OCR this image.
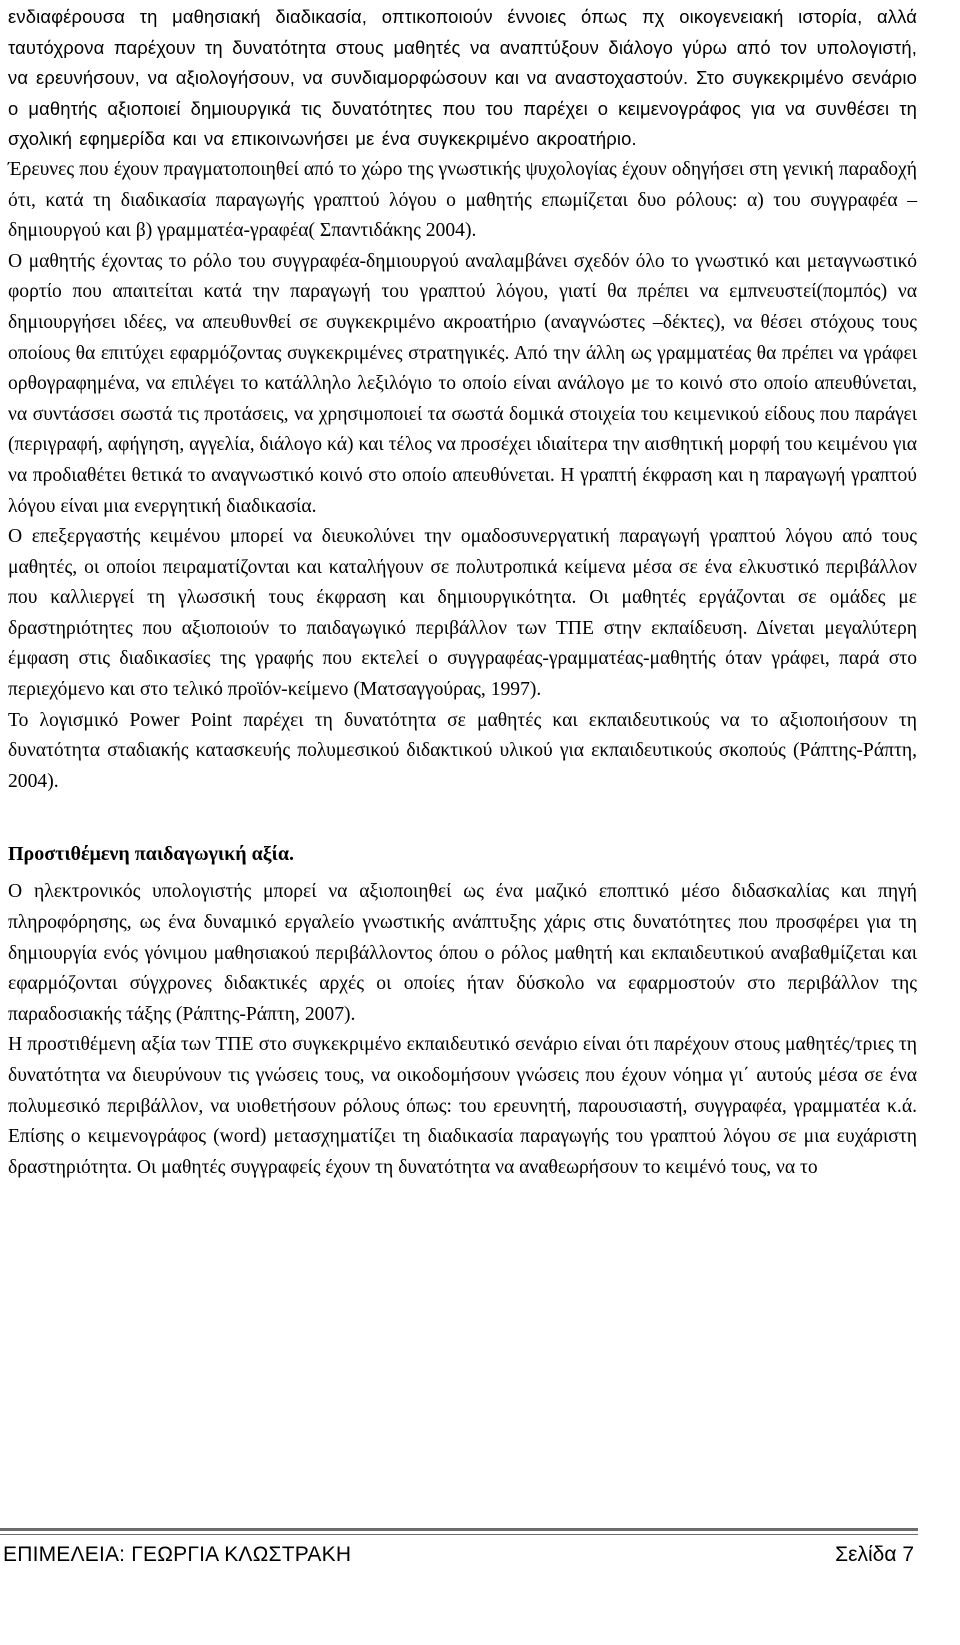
ενδιαφέρουσα τη μαθησιακή διαδικασία, οπτικοποιούν έννοιες όπως πχ οικογενειακή ιστορία, αλλά ταυτόχρονα παρέχουν τη δυνατότητα στους μαθητές να αναπτύξουν διάλογο γύρω από τον υπολογιστή, να ερευνήσουν, να αξιολογήσουν, να συνδιαμορφώσουν και να αναστοχαστούν. Στο συγκεκριμένο σενάριο ο μαθητής αξιοποιεί δημιουργικά τις δυνατότητες που του παρέχει ο κειμενογράφος για να συνθέσει τη σχολική εφημερίδα και να επικοινωνήσει με ένα συγκεκριμένο ακροατήριο.

Έρευνες που έχουν πραγματοποιηθεί από το χώρο της γνωστικής ψυχολογίας έχουν οδηγήσει στη γενική παραδοχή ότι, κατά τη διαδικασία παραγωγής γραπτού λόγου ο μαθητής επωμίζεται δυο ρόλους: α) του συγγραφέα – δημιουργού και β) γραμματέα-γραφέα( Σπαντιδάκης 2004).

Ο μαθητής έχοντας το ρόλο του συγγραφέα-δημιουργού αναλαμβάνει σχεδόν όλο το γνωστικό και μεταγνωστικό φορτίο που απαιτείται κατά την παραγωγή του γραπτού λόγου, γιατί θα πρέπει να εμπνευστεί(πομπός) να δημιουργήσει ιδέες, να απευθυνθεί σε συγκεκριμένο ακροατήριο (αναγνώστες –δέκτες), να θέσει στόχους τους οποίους θα επιτύχει εφαρμόζοντας συγκεκριμένες στρατηγικές. Από την άλλη ως γραμματέας θα πρέπει να γράφει ορθογραφημένα, να επιλέγει το κατάλληλο λεξιλόγιο το οποίο είναι ανάλογο με το κοινό στο οποίο απευθύνεται, να συντάσσει σωστά τις προτάσεις, να χρησιμοποιεί τα σωστά δομικά στοιχεία του κειμενικού είδους που παράγει (περιγραφή, αφήγηση, αγγελία, διάλογο κά) και τέλος να προσέχει ιδιαίτερα την αισθητική μορφή του κειμένου για να προδιαθέτει θετικά το αναγνωστικό κοινό στο οποίο απευθύνεται. Η γραπτή έκφραση και η παραγωγή γραπτού λόγου είναι μια ενεργητική διαδικασία.

Ο επεξεργαστής κειμένου μπορεί να διευκολύνει την ομαδοσυνεργατική παραγωγή γραπτού λόγου από τους μαθητές, οι οποίοι πειραματίζονται και καταλήγουν σε πολυτροπικά κείμενα μέσα σε ένα ελκυστικό περιβάλλον που καλλιεργεί τη γλωσσική τους έκφραση και δημιουργικότητα. Οι μαθητές εργάζονται σε ομάδες με δραστηριότητες που αξιοποιούν το παιδαγωγικό περιβάλλον των ΤΠΕ στην εκπαίδευση. Δίνεται μεγαλύτερη έμφαση στις διαδικασίες της γραφής που εκτελεί ο συγγραφέας-γραμματέας-μαθητής όταν γράφει, παρά στο περιεχόμενο και στο τελικό προϊόν-κείμενο (Ματσαγγούρας, 1997).

Το λογισμικό Power Point παρέχει τη δυνατότητα σε μαθητές και εκπαιδευτικούς να το αξιοποιήσουν τη δυνατότητα σταδιακής κατασκευής πολυμεσικού διδακτικού υλικού για εκπαιδευτικούς σκοπούς (Ράπτης-Ράπτη, 2004).

Προστιθέμενη παιδαγωγική αξία.

Ο ηλεκτρονικός υπολογιστής μπορεί να αξιοποιηθεί ως ένα μαζικό εποπτικό μέσο διδασκαλίας και πηγή πληροφόρησης, ως ένα δυναμικό εργαλείο γνωστικής ανάπτυξης χάρις στις δυνατότητες που προσφέρει για τη δημιουργία ενός γόνιμου μαθησιακού περιβάλλοντος όπου ο ρόλος μαθητή και εκπαιδευτικού αναβαθμίζεται και εφαρμόζονται σύγχρονες διδακτικές αρχές οι οποίες ήταν δύσκολο να εφαρμοστούν στο περιβάλλον της παραδοσιακής τάξης (Ράπτης-Ράπτη, 2007).

Η προστιθέμενη αξία των ΤΠΕ στο συγκεκριμένο εκπαιδευτικό σενάριο είναι ότι παρέχουν στους μαθητές/τριες τη δυνατότητα να διευρύνουν τις γνώσεις τους, να οικοδομήσουν γνώσεις που έχουν νόημα γι΄ αυτούς μέσα σε ένα πολυμεσικό περιβάλλον, να υιοθετήσουν ρόλους όπως: του ερευνητή, παρουσιαστή, συγγραφέα, γραμματέα κ.ά. Επίσης ο κειμενογράφος (word) μετασχηματίζει τη διαδικασία παραγωγής του γραπτού λόγου σε μια ευχάριστη δραστηριότητα. Οι μαθητές συγγραφείς έχουν τη δυνατότητα να αναθεωρήσουν το κειμένό τους, να το

ΕΠΙΜΕΛΕΙΑ: ΓΕΩΡΓΙΑ ΚΛΩΣΤΡΑΚΗ	Σελίδα 7
